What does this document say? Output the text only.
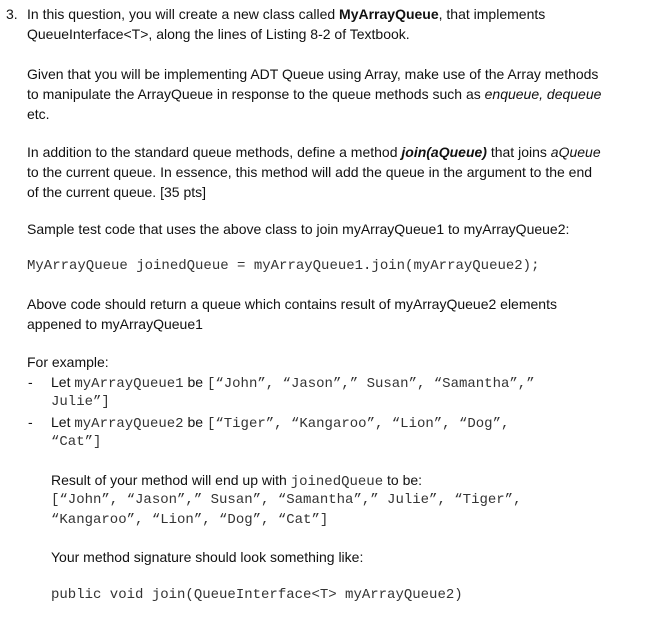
3. In this question, you will create a new class called MyArrayQueue, that implements
QueueInterface<T>, along the lines of Listing 8-2 of Textbook.
Given that you will be implementing ADT Queue using Array, make use of the Array methods
to manipulate the ArrayQueue in response to the queue methods such as enqueue, dequeue
etc.
In addition to the standard queue methods, define a method join(aQueue) that joins aQueue
to the current queue. In essence, this method will add the queue in the argument to the end
of the current queue. [35 pts]
Sample test code that uses the above class to join myArrayQueue1 to myArrayQueue2:
MyArrayQueue joinedQueue = myArrayQueue1.join(myArrayQueue2);
Above code should return a queue which contains result of myArrayQueue2 elements
appened to myArrayQueue1
For example:
- Let myArrayQueue1 be [“John”, “Jason”,” Susan”, “Samantha”,”
Julie”]
- Let myArrayQueue2 be [“Tiger”, “Kangaroo”, “Lion”, “Dog”,
“Cat”]
Result of your method will end up with joinedQueue to be:
[“John”, “Jason”,” Susan”, “Samantha”,” Julie”, “Tiger”,
“Kangaroo”, “Lion”, “Dog”, “Cat”]
Your method signature should look something like:
public void join(QueueInterface<T> myArrayQueue2)
